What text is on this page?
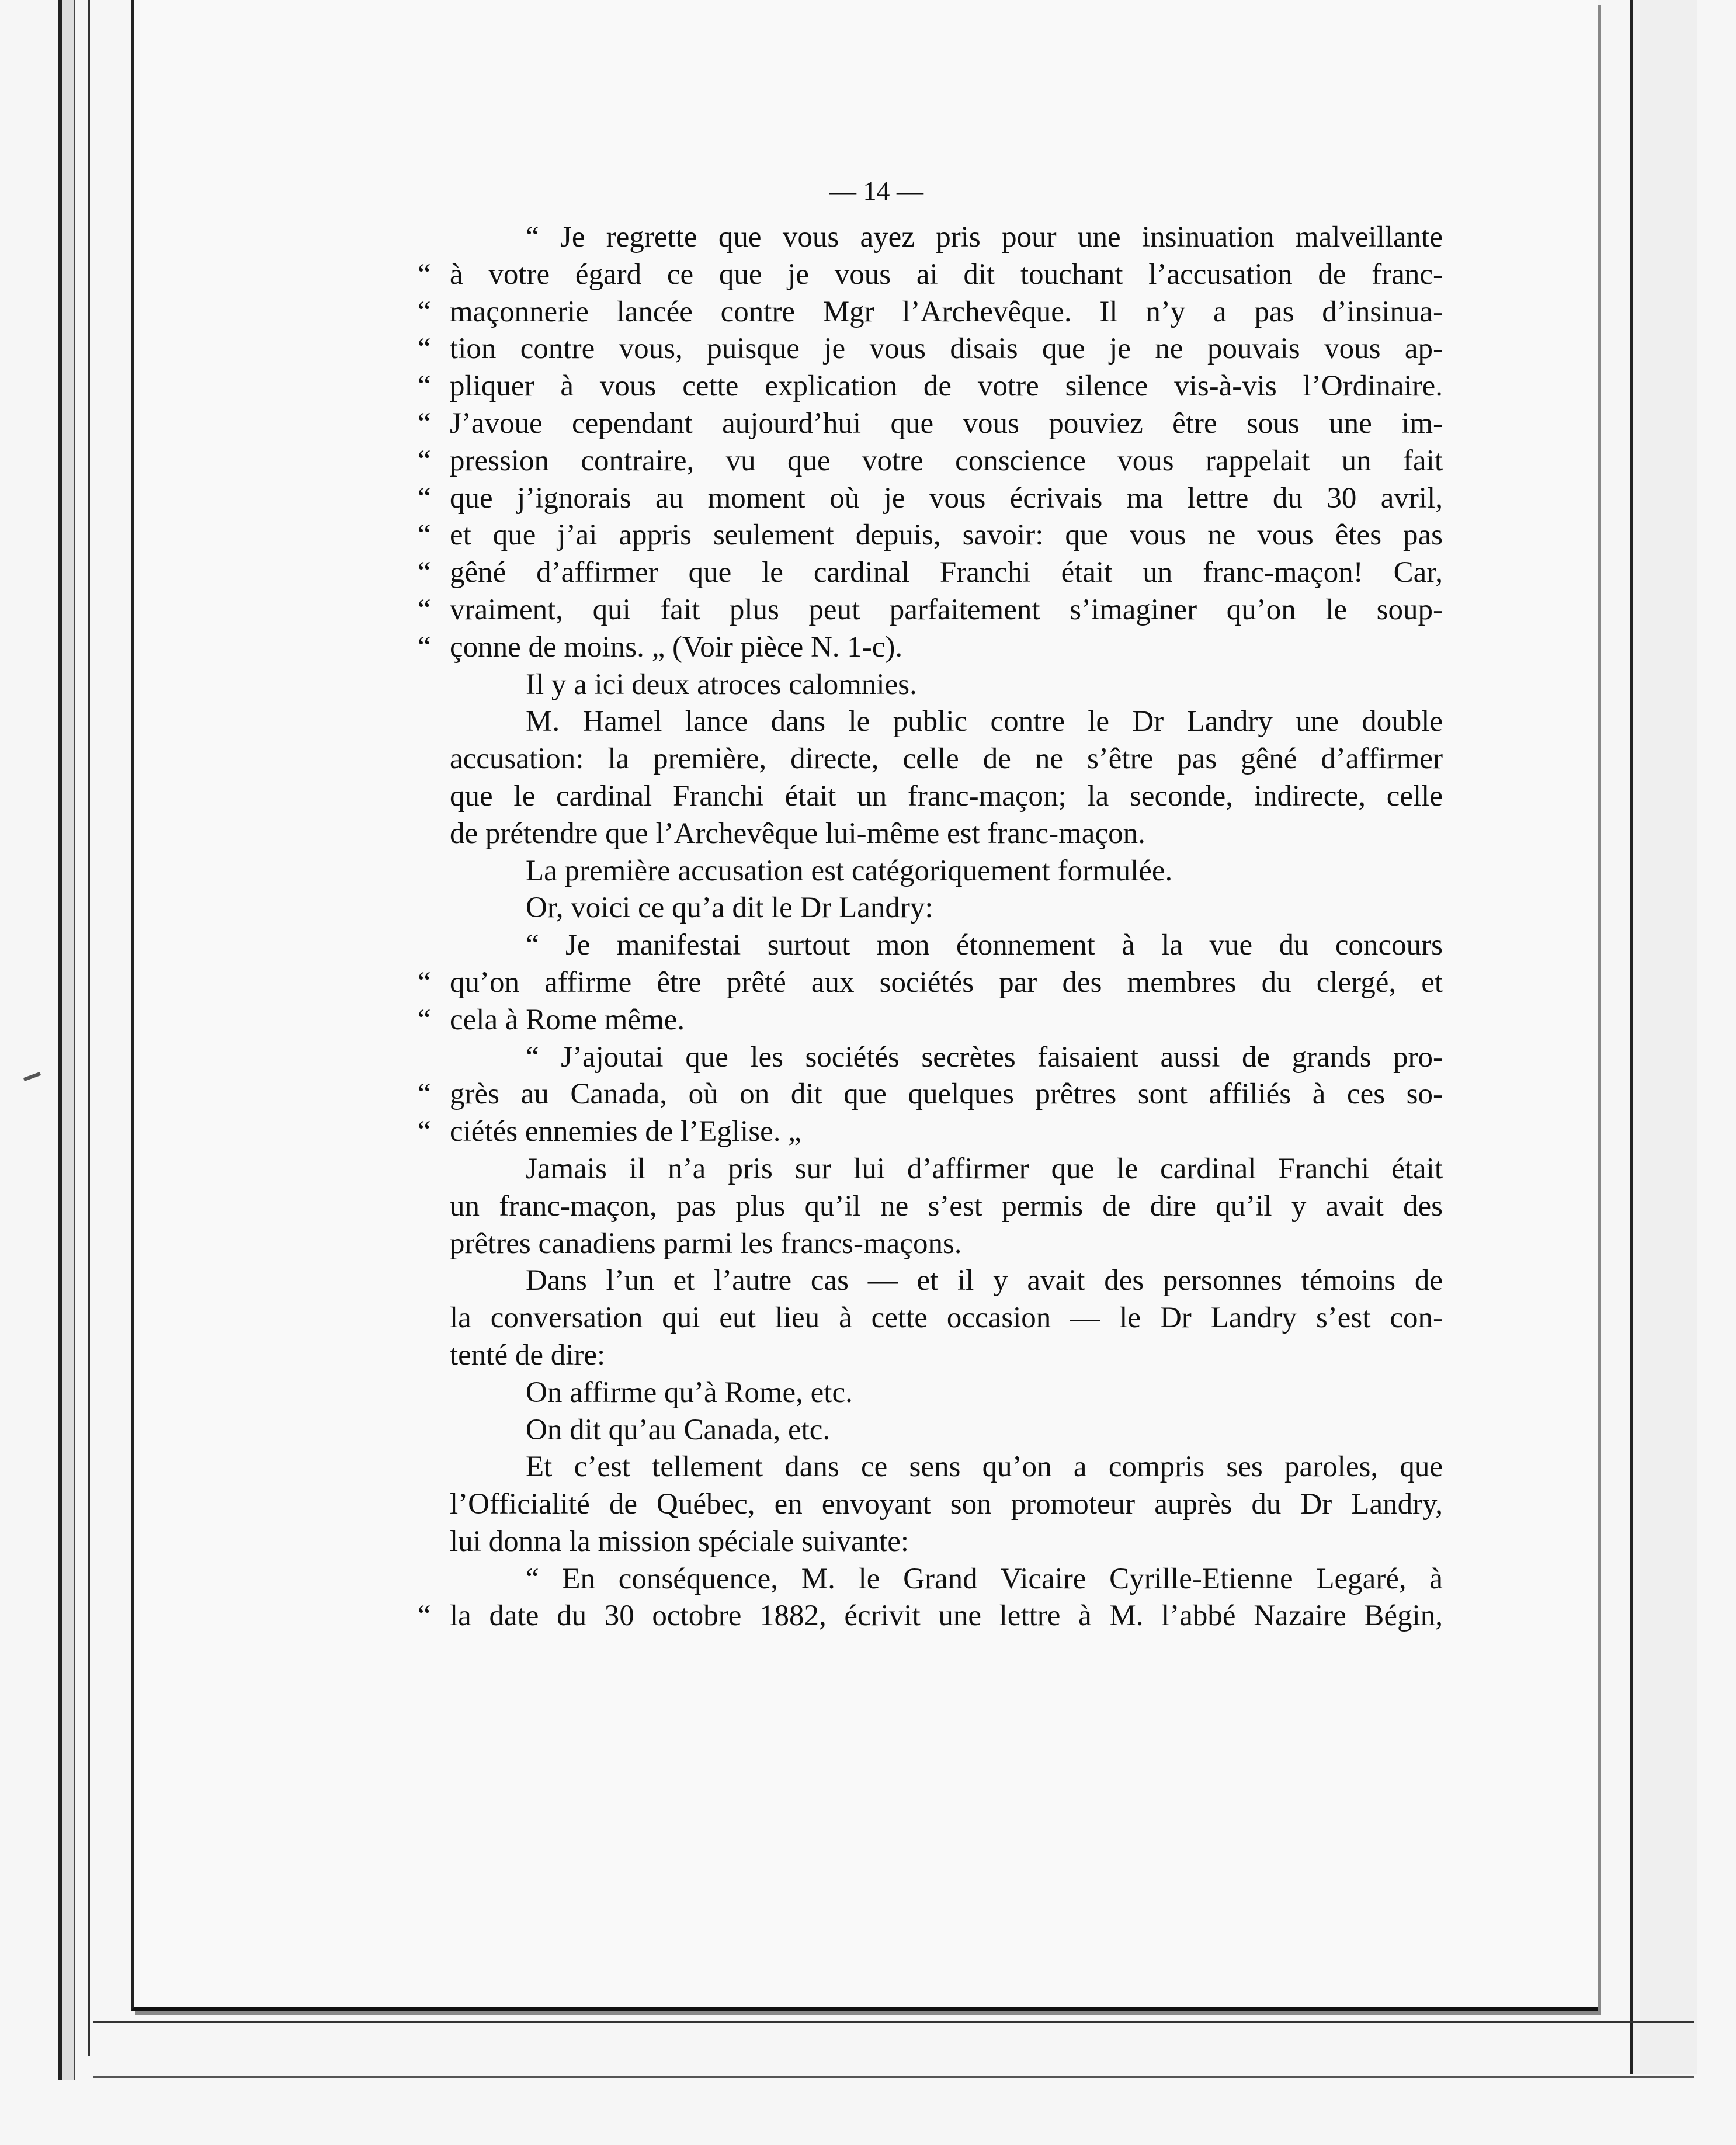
— 14 —
“ Je regrette que vous ayez pris pour une insinuation malveillante
“ à votre égard ce que je vous ai dit touchant l’accusation de franc-
“ maçonnerie lancée contre Mgr l’Archevêque. Il n’y a pas d’insinua-
“ tion contre vous, puisque je vous disais que je ne pouvais vous ap-
“ pliquer à vous cette explication de votre silence vis-à-vis l’Ordinaire.
“ J’avoue cependant aujourd’hui que vous pouviez être sous une im-
“ pression contraire, vu que votre conscience vous rappelait un fait
“ que j’ignorais au moment où je vous écrivais ma lettre du 30 avril,
“ et que j’ai appris seulement depuis, savoir: que vous ne vous êtes pas
“ gêné d’affirmer que le cardinal Franchi était un franc-maçon! Car,
“ vraiment, qui fait plus peut parfaitement s’imaginer qu’on le soup-
“ çonne de moins. „ (Voir pièce N. 1-c).
Il y a ici deux atroces calomnies.
M. Hamel lance dans le public contre le Dr Landry une double
accusation: la première, directe, celle de ne s’être pas gêné d’affirmer
que le cardinal Franchi était un franc-maçon; la seconde, indirecte, celle
de prétendre que l’Archevêque lui-même est franc-maçon.
La première accusation est catégoriquement formulée.
Or, voici ce qu’a dit le Dr Landry:
“ Je manifestai surtout mon étonnement à la vue du concours
“ qu’on affirme être prêté aux sociétés par des membres du clergé, et
“ cela à Rome même.
“ J’ajoutai que les sociétés secrètes faisaient aussi de grands pro-
“ grès au Canada, où on dit que quelques prêtres sont affiliés à ces so-
“ ciétés ennemies de l’Eglise. „
Jamais il n’a pris sur lui d’affirmer que le cardinal Franchi était
un franc-maçon, pas plus qu’il ne s’est permis de dire qu’il y avait des
prêtres canadiens parmi les francs-maçons.
Dans l’un et l’autre cas — et il y avait des personnes témoins de
la conversation qui eut lieu à cette occasion — le Dr Landry s’est con-
tenté de dire:
On affirme qu’à Rome, etc.
On dit qu’au Canada, etc.
Et c’est tellement dans ce sens qu’on a compris ses paroles, que
l’Officialité de Québec, en envoyant son promoteur auprès du Dr Landry,
lui donna la mission spéciale suivante:
“ En conséquence, M. le Grand Vicaire Cyrille-Etienne Legaré, à
“ la date du 30 octobre 1882, écrivit une lettre à M. l’abbé Nazaire Bégin,
